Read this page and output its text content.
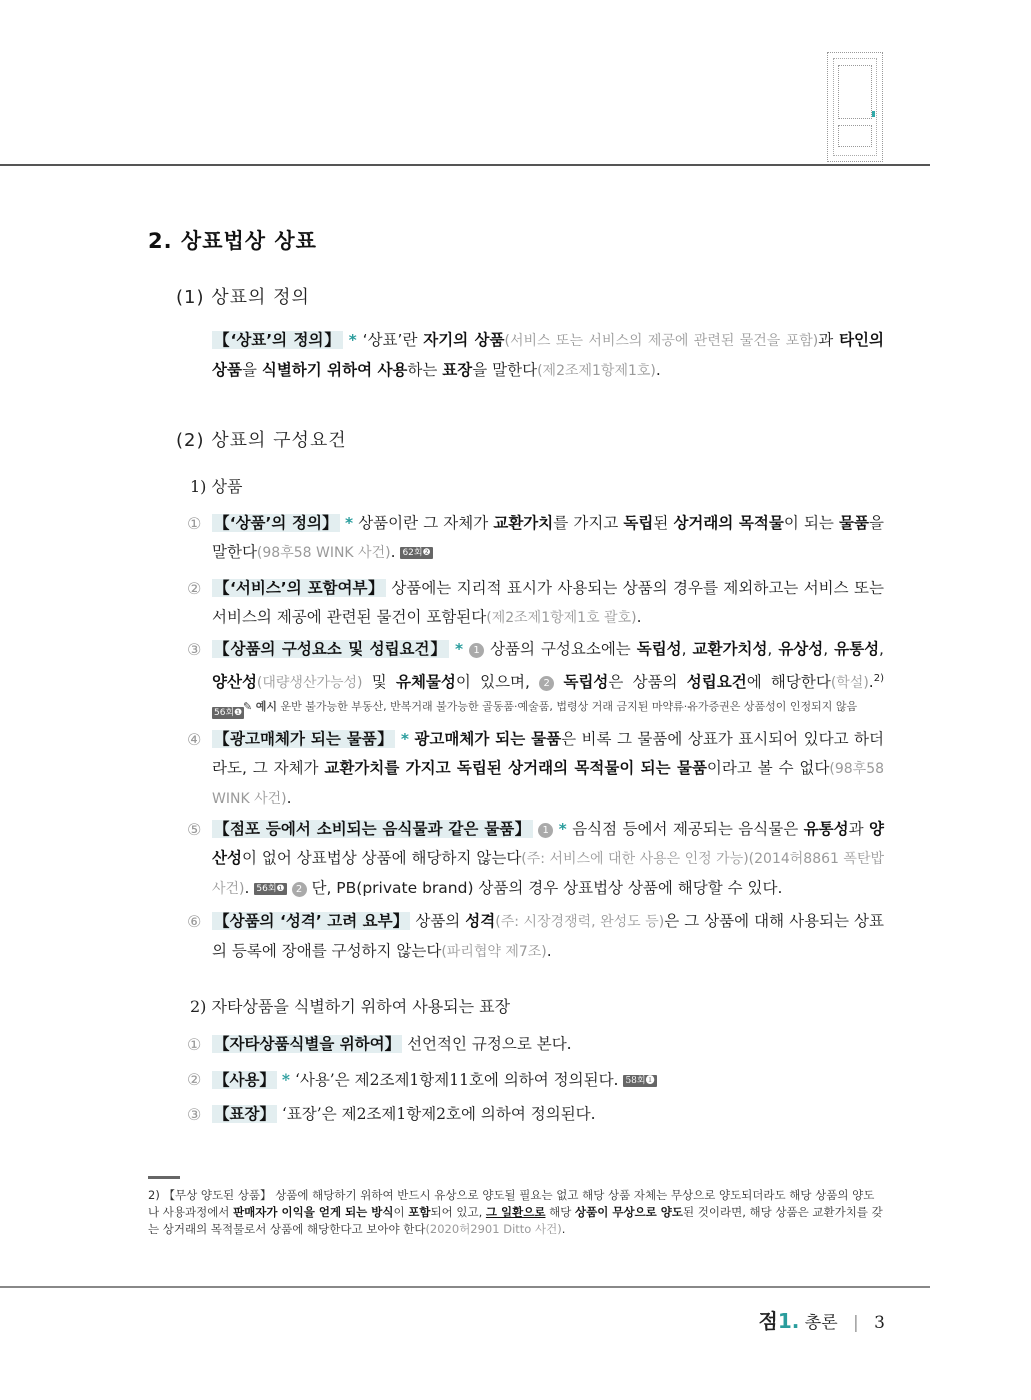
2. 상표법상 상표
(1) 상표의 정의
【‘상표’의 정의】 * ‘상표’란 자기의 상품(서비스 또는 서비스의 제공에 관련된 물건을 포함)과 타인의 상품을 식별하기 위하여 사용하는 표장을 말한다(제2조제1항제1호).
(2) 상표의 구성요건
1) 상품
① 【‘상품’의 정의】 * 상품이란 그 자체가 교환가치를 가지고 독립된 상거래의 목적물이 되는 물품을 말한다(98후58 WINK 사건). 62회❷
② 【‘서비스’의 포함여부】 상품에는 지리적 표시가 사용되는 상품의 경우를 제외하고는 서비스 또는 서비스의 제공에 관련된 물건이 포함된다(제2조제1항제1호 괄호).
③ 【상품의 구성요소 및 성립요건】 * 1 상품의 구성요소에는 독립성, 교환가치성, 유상성, 유통성, 양산성(대량생산가능성) 및 유체물성이 있으며, 2 독립성은 상품의 성립요건에 해당한다(학설).$^{2)}$ 56회❶
✎ 예시 운반 불가능한 부동산, 반복거래 불가능한 골동품·예술품, 법령상 거래 금지된 마약류·유가증권은 상품성이 인정되지 않음
④ 【광고매체가 되는 물품】 * 광고매체가 되는 물품은 비록 그 물품에 상표가 표시되어 있다고 하더라도, 그 자체가 교환가치를 가지고 독립된 상거래의 목적물이 되는 물품이라고 볼 수 없다(98후58 WINK 사건).
⑤ 【점포 등에서 소비되는 음식물과 같은 물품】 1 * 음식점 등에서 제공되는 음식물은 유통성과 양산성이 없어 상표법상 상품에 해당하지 않는다(주: 서비스에 대한 사용은 인정 가능)(2014허8861 폭탄밥 사건). 56회❶ 2 단, PB(private brand) 상품의 경우 상표법상 상품에 해당할 수 있다.
⑥ 【상품의 ‘성격’ 고려 요부】 상품의 성격(주: 시장경쟁력, 완성도 등)은 그 상품에 대해 사용되는 상표의 등록에 장애를 구성하지 않는다(파리협약 제7조).
2) 자타상품을 식별하기 위하여 사용되는 표장
① 【자타상품식별을 위하여】 선언적인 규정으로 본다.
② 【사용】 * ‘사용’은 제2조제1항제11호에 의하여 정의된다. 58회❶
③ 【표장】 ‘표장’은 제2조제1항제2호에 의하여 정의된다.
2) 【무상 양도된 상품】 상품에 해당하기 위하여 반드시 유상으로 양도될 필요는 없고 해당 상품 자체는 무상으로 양도되더라도 해당 상품의 양도나 사용과정에서 판매자가 이익을 얻게 되는 방식이 포함되어 있고, 그 일환으로 해당 상품이 무상으로 양도된 것이라면, 해당 상품은 교환가치를 갖는 상거래의 목적물로서 상품에 해당한다고 보아야 한다(2020허2901 Ditto 사건).
점1. 총론 | 3
